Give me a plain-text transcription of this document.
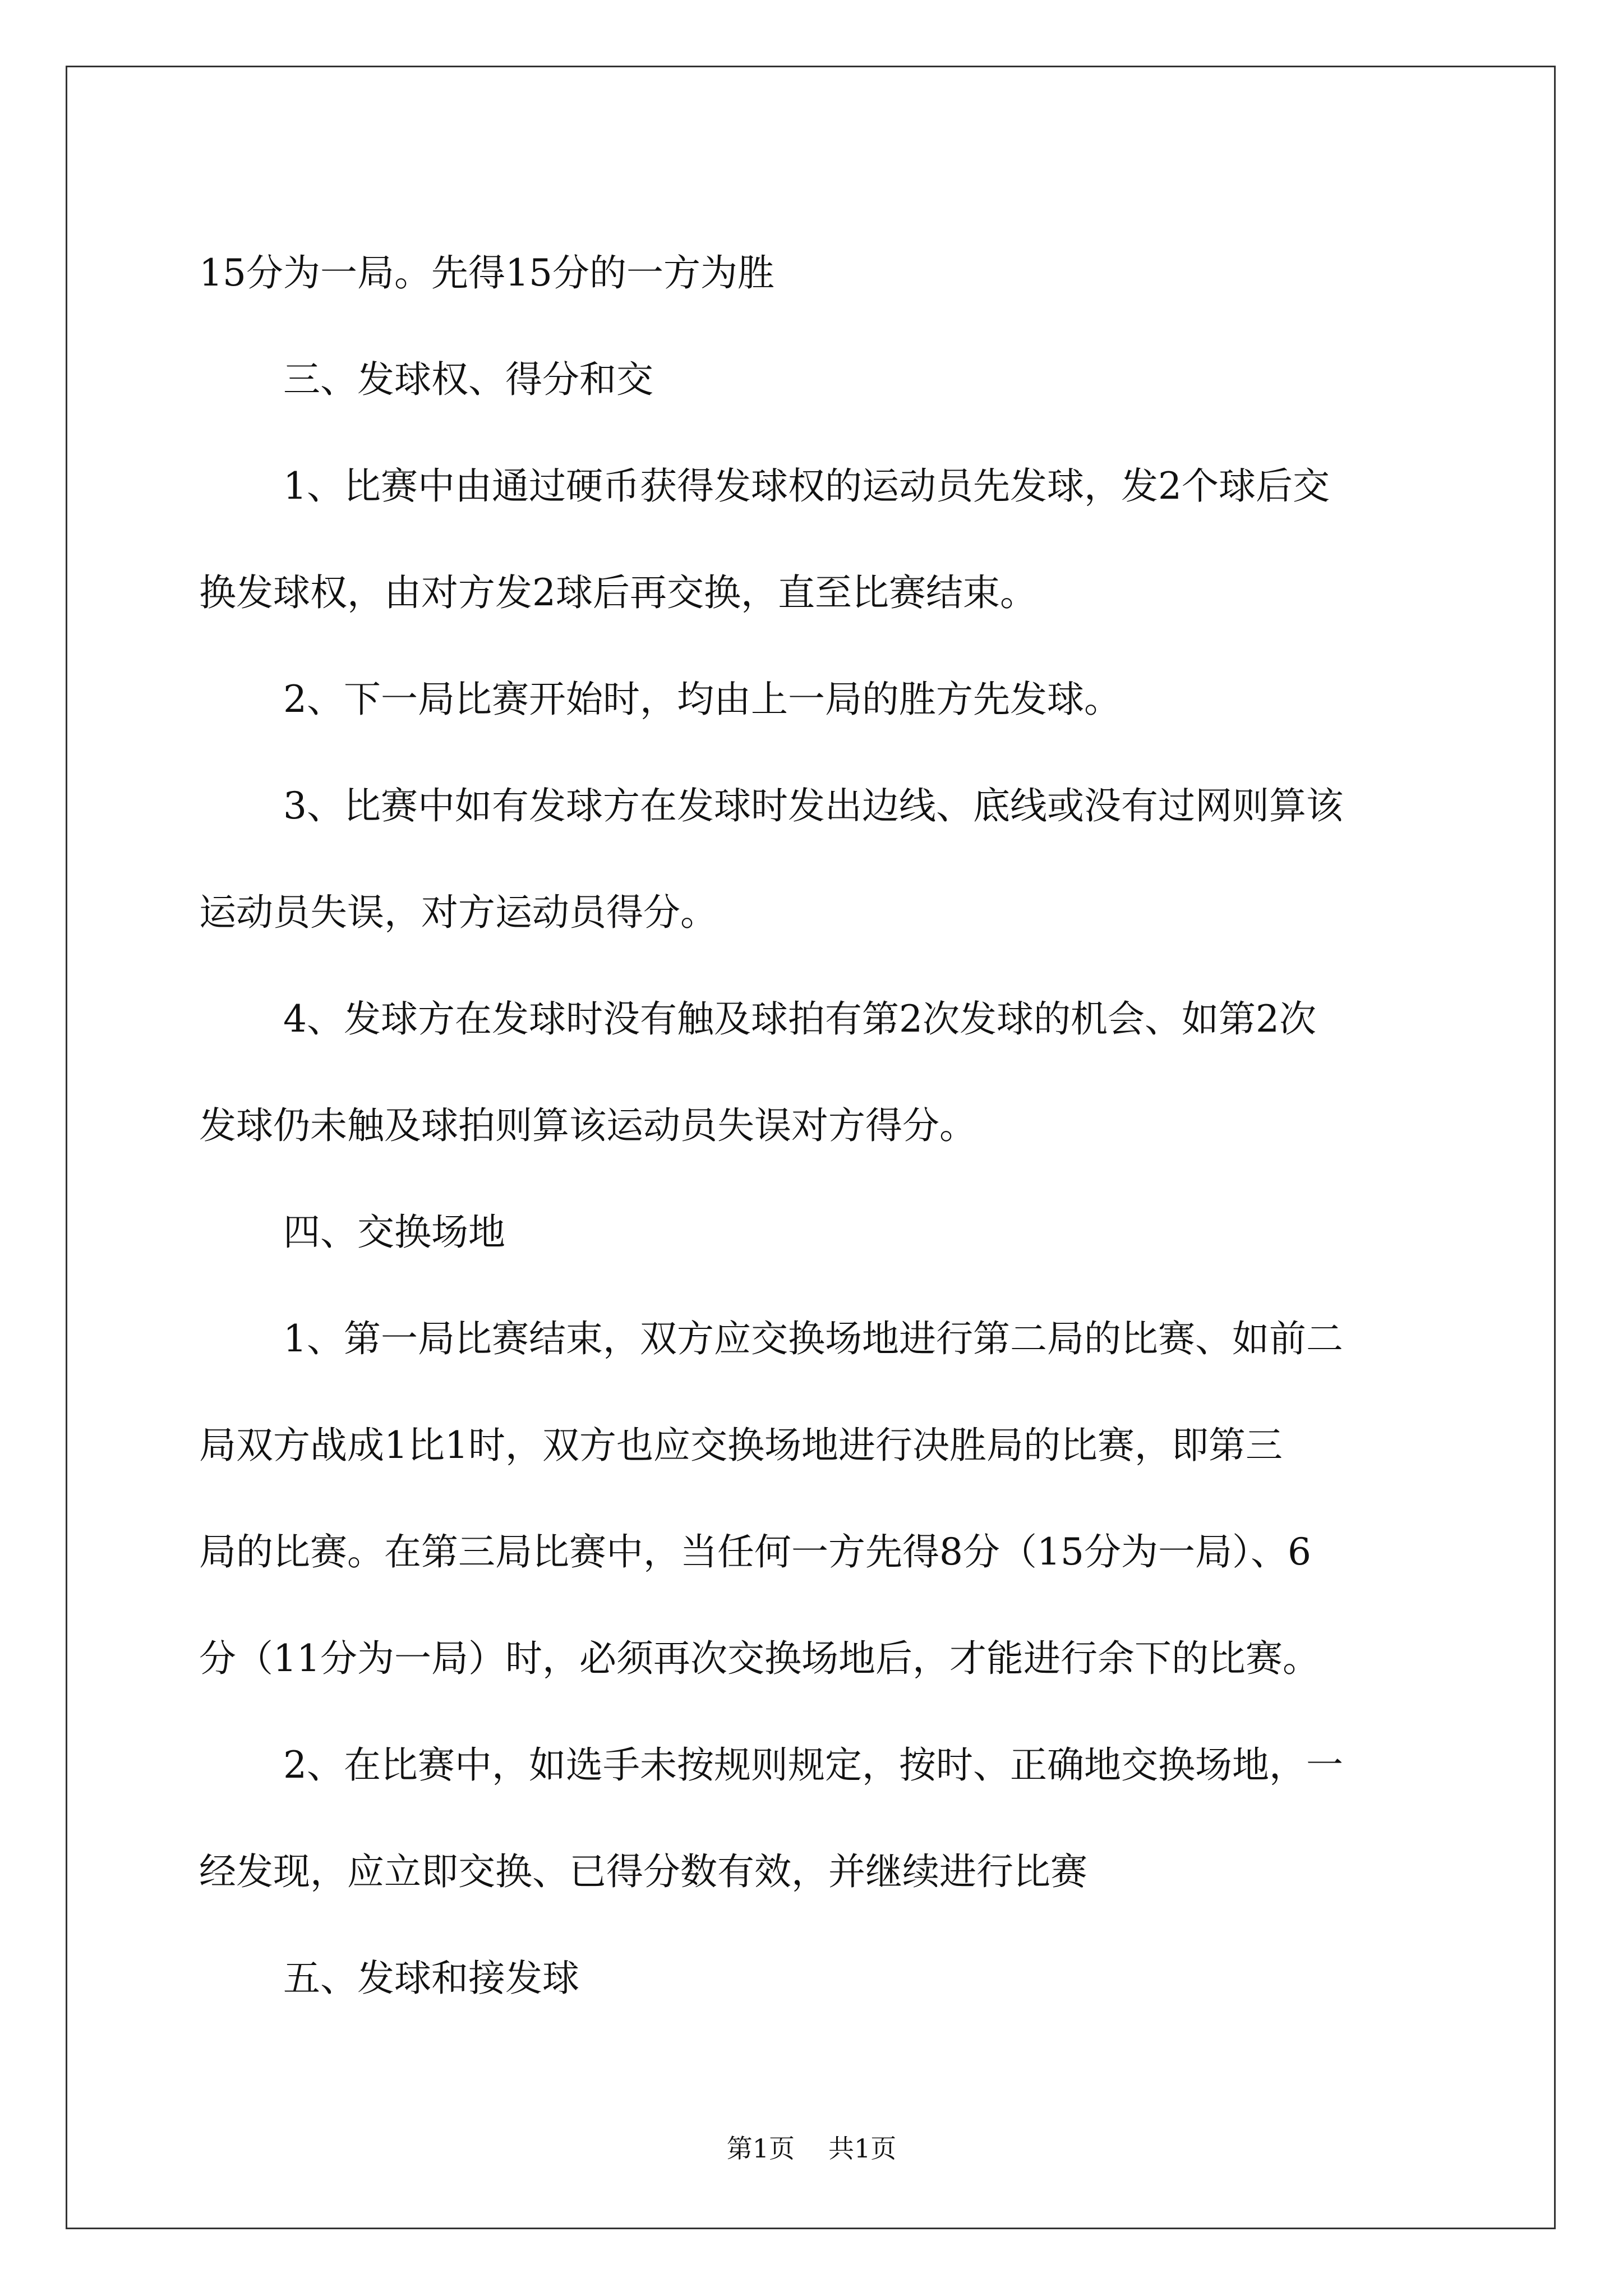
15分为一局。先得15分的一方为胜

三、发球权、得分和交

1、比赛中由通过硬币获得发球权的运动员先发球，发2个球后交

换发球权，由对方发2球后再交换，直至比赛结束。

2、下一局比赛开始时，均由上一局的胜方先发球。

3、比赛中如有发球方在发球时发出边线、底线或没有过网则算该

运动员失误，对方运动员得分。

4、发球方在发球时没有触及球拍有第2次发球的机会、如第2次

发球仍未触及球拍则算该运动员失误对方得分。

四、交换场地

1、第一局比赛结束，双方应交换场地进行第二局的比赛、如前二

局双方战成1比1时，双方也应交换场地进行决胜局的比赛，即第三

局的比赛。在第三局比赛中，当任何一方先得8分（15分为一局）、6

分（11分为一局）时，必须再次交换场地后，才能进行余下的比赛。

2、在比赛中，如选手未按规则规定，按时、正确地交换场地，一

经发现，应立即交换、已得分数有效，并继续进行比赛

五、发球和接发球

第1页 共1页
